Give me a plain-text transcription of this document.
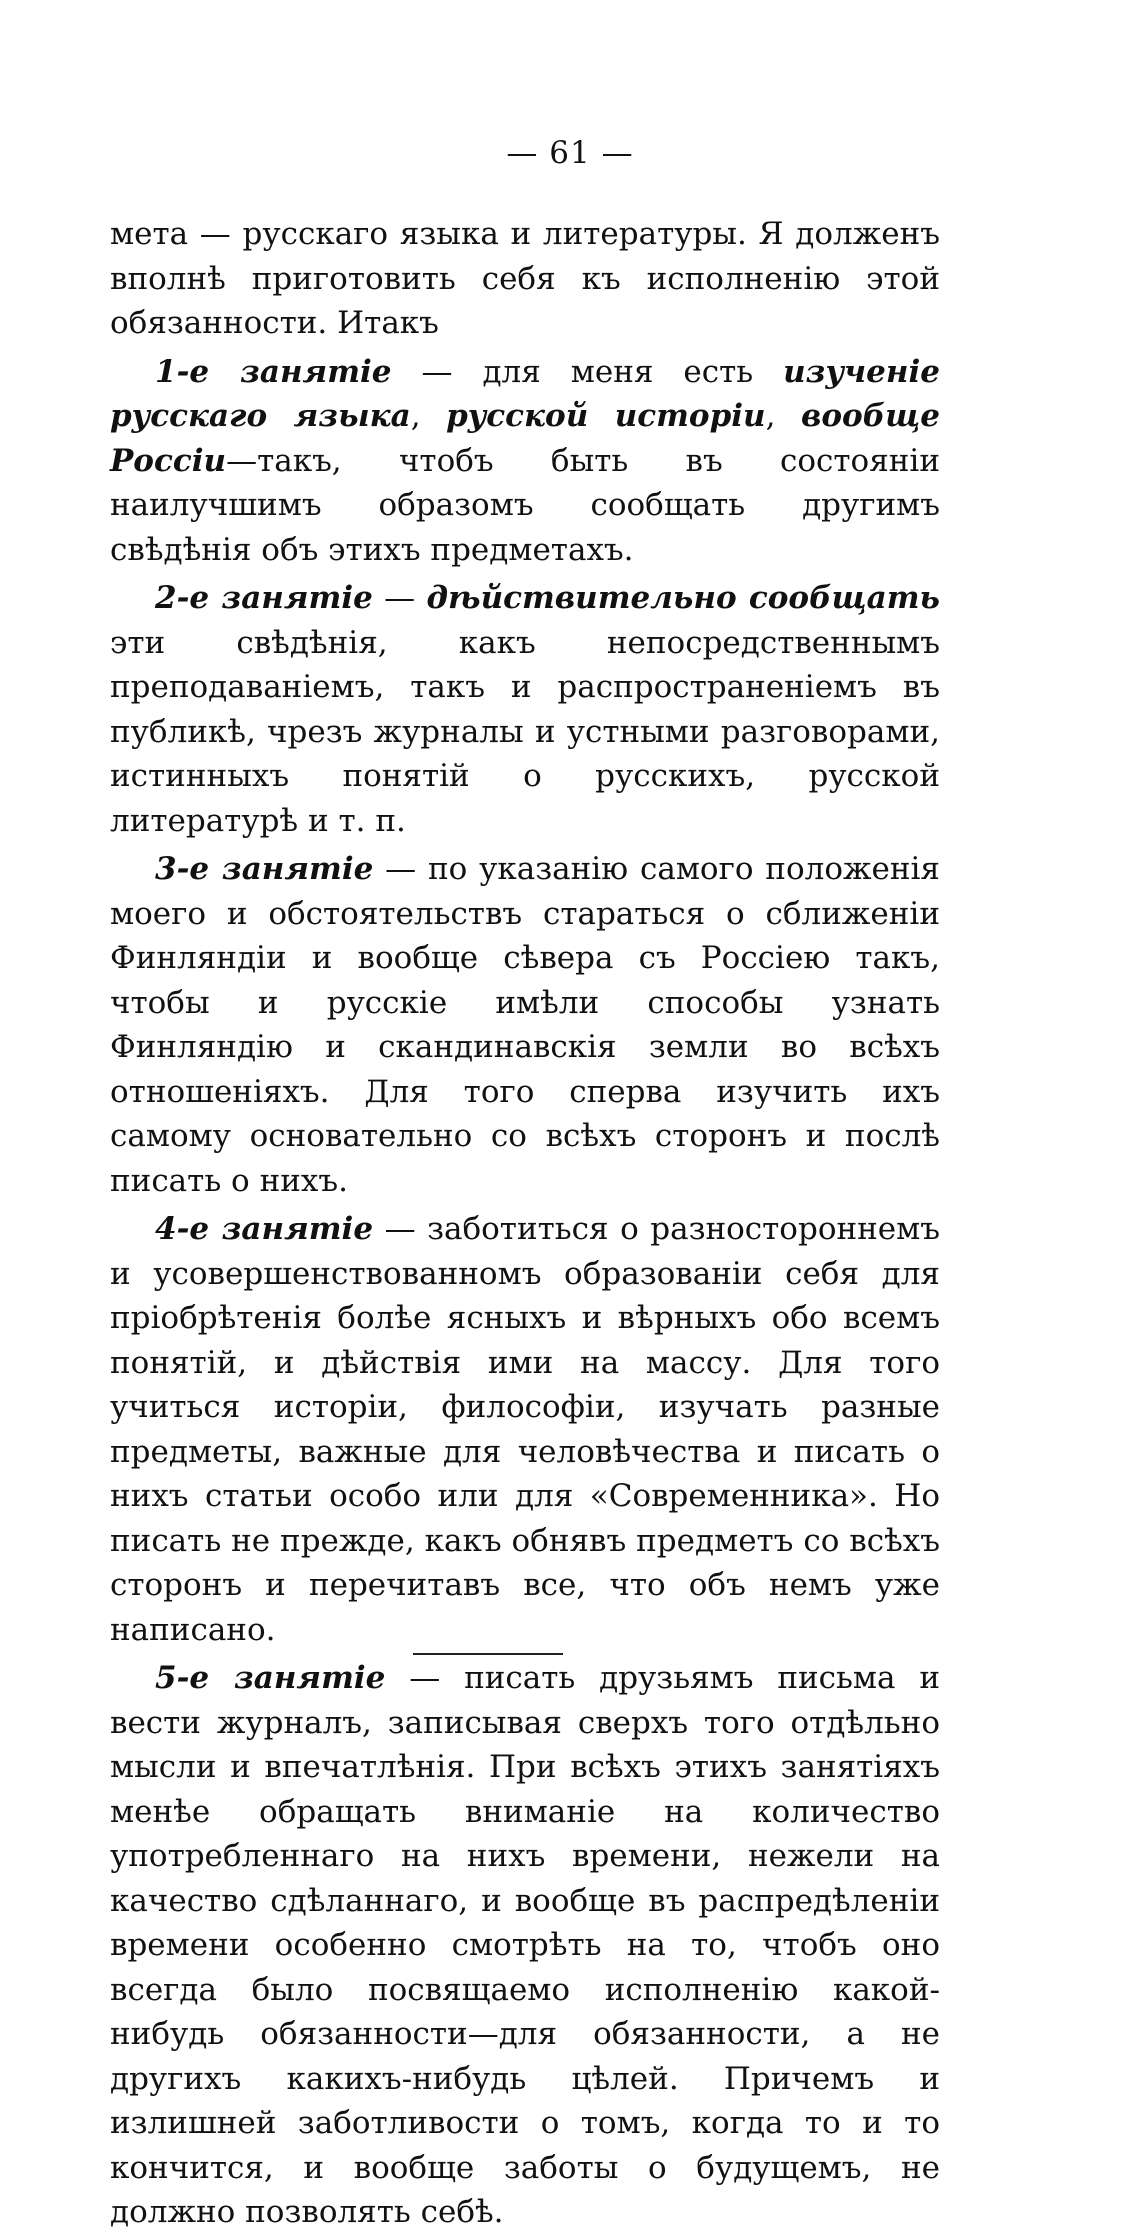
— 61 —

мета — русскаго языка и литературы. Я долженъ вполнѣ приготовить себя къ исполненію этой обязанности. Итакъ

1-е занятіе — для меня есть изученіе русскаго языка, русской исторіи, вообще Россіи—такъ, чтобъ быть въ состояніи наилучшимъ образомъ сообщать другимъ свѣдѣнія объ этихъ предметахъ.

2-е занятіе — дѣйствительно сообщать эти свѣдѣнія, какъ непосредственнымъ преподаваніемъ, такъ и распространеніемъ въ публикѣ, чрезъ журналы и устными разговорами, истинныхъ понятій о русскихъ, русской литературѣ и т. п.

3-е занятіе — по указанію самого положенія моего и обстоятельствъ стараться о сближеніи Финляндіи и вообще сѣвера съ Россіею такъ, чтобы и русскіе имѣли способы узнать Финляндію и скандинавскія земли во всѣхъ отношеніяхъ. Для того сперва изучить ихъ самому основательно со всѣхъ сторонъ и послѣ писать о нихъ.

4-е занятіе — заботиться о разностороннемъ и усовершенствованномъ образованіи себя для пріобрѣтенія болѣе ясныхъ и вѣрныхъ обо всемъ понятій, и дѣйствія ими на массу. Для того учиться исторіи, философіи, изучать разные предметы, важные для человѣчества и писать о нихъ статьи особо или для «Современника». Но писать не прежде, какъ обнявъ предметъ со всѣхъ сторонъ и перечитавъ все, что объ немъ уже написано.

5-е занятіе — писать друзьямъ письма и вести журналъ, записывая сверхъ того отдѣльно мысли и впечатлѣнія. При всѣхъ этихъ занятіяхъ менѣе обращать вниманіе на количество употребленнаго на нихъ времени, нежели на качество сдѣланнаго, и вообще въ распредѣленіи времени особенно смотрѣть на то, чтобъ оно всегда было посвящаемо исполненію какой-нибудь обязанности—для обязанности, а не другихъ какихъ-нибудь цѣлей. Причемъ и излишней заботливости о томъ, когда то и то кончится, и вообще заботы о будущемъ, не должно позволять себѣ.
